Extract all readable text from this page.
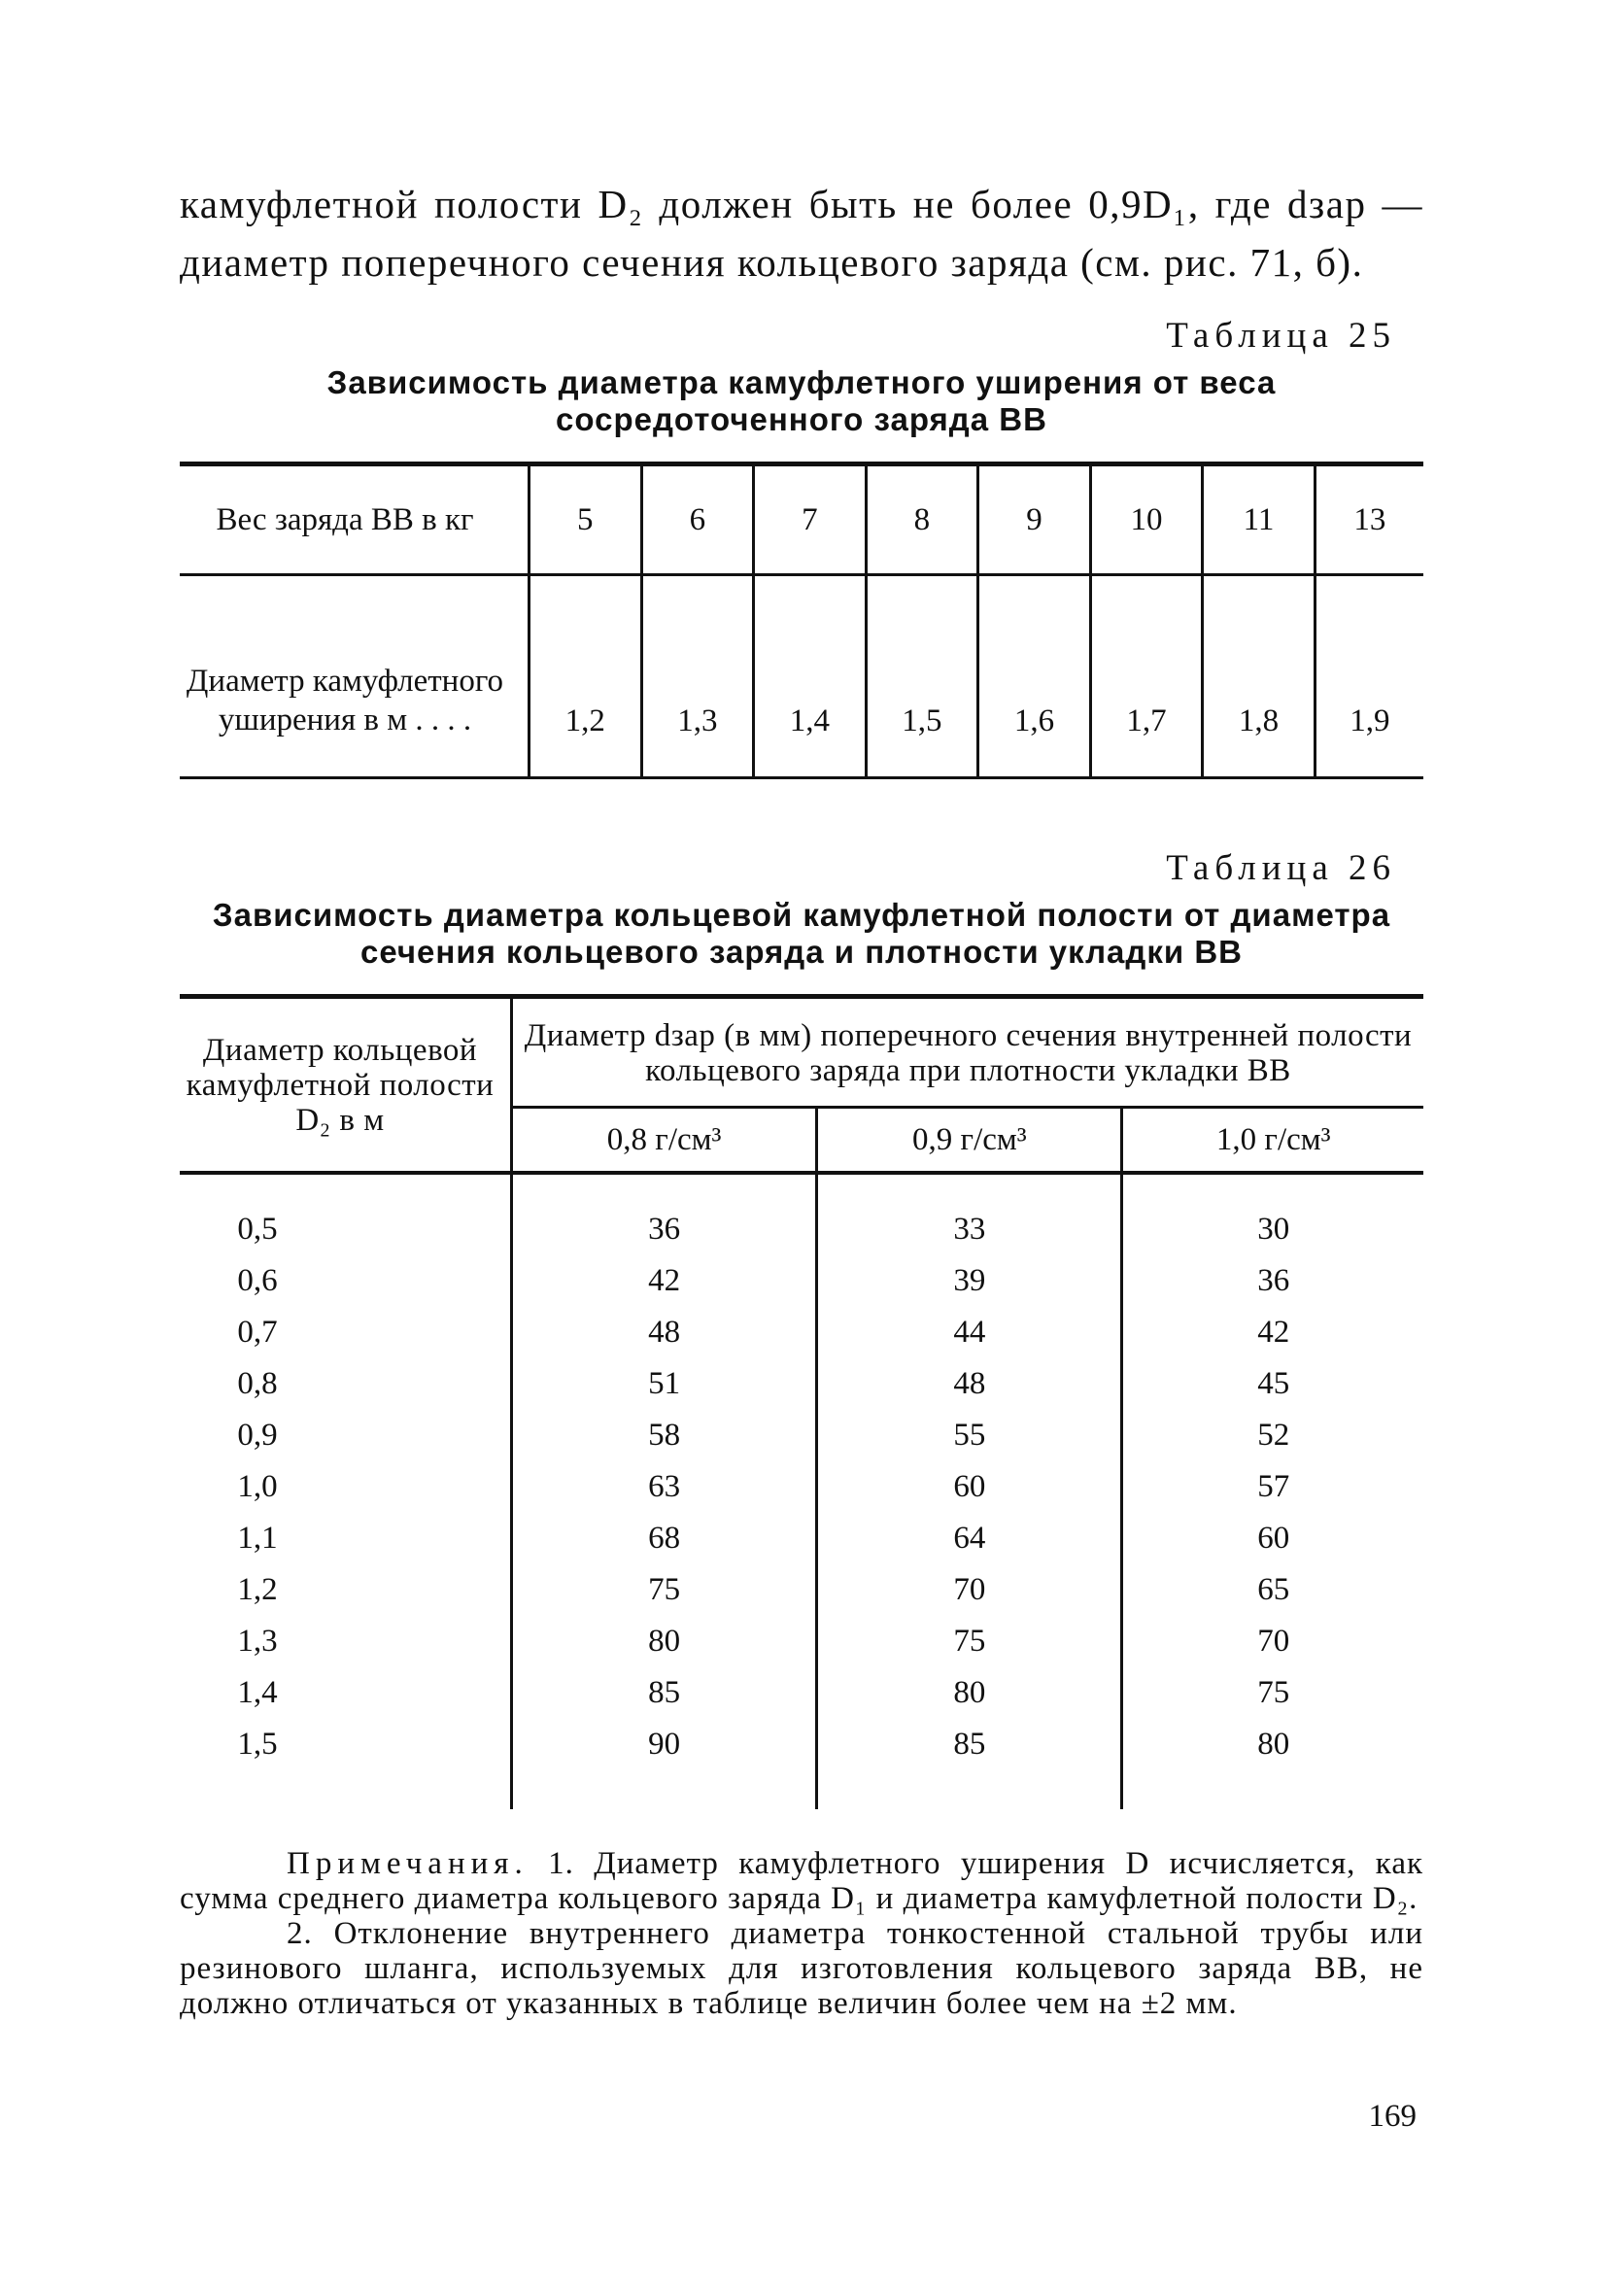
камуфлетной полости D₂ должен быть не более 0,9D₁, где dзар —диаметр поперечного сечения кольцевого заряда (см. рис. 71, б).

Таблица 25
Зависимость диаметра камуфлетного уширения от веса сосредоточенного заряда ВВ
Вес заряда ВВ в кг	5	6	7	8	9	10	11	13
Диаметр камуфлетного уширения в м . . . .	1,2	1,3	1,4	1,5	1,6	1,7	1,8	1,9
Таблица 26
Зависимость диаметра кольцевой камуфлетной полости от диаметра сечения кольцевого заряда и плотности укладки ВВ
Диаметр кольцевой камуфлетной полости D₂ в м	Диаметр dзар (в мм) поперечного сечения внутренней полости кольцевого заряда при плотности укладки ВВ		
	0,8 г/см³	0,9 г/см³	1,0 г/см³
0,5	36	33	30
0,6	42	39	36
0,7	48	44	42
0,8	51	48	45
0,9	58	55	52
1,0	63	60	57
1,1	68	64	60
1,2	75	70	65
1,3	80	75	70
1,4	85	80	75
1,5	90	85	80

Примечания. 1. Диаметр камуфлетного уширения D исчисляется, как сумма среднего диаметра кольцевого заряда D₁ и диаметра камуфлетной полости D₂.

2. Отклонение внутреннего диаметра тонкостенной стальной трубы или резинового шланга, используемых для изготовления кольцевого заряда ВВ, не должно отличаться от указанных в таблице величин более чем на ±2 мм.

169
